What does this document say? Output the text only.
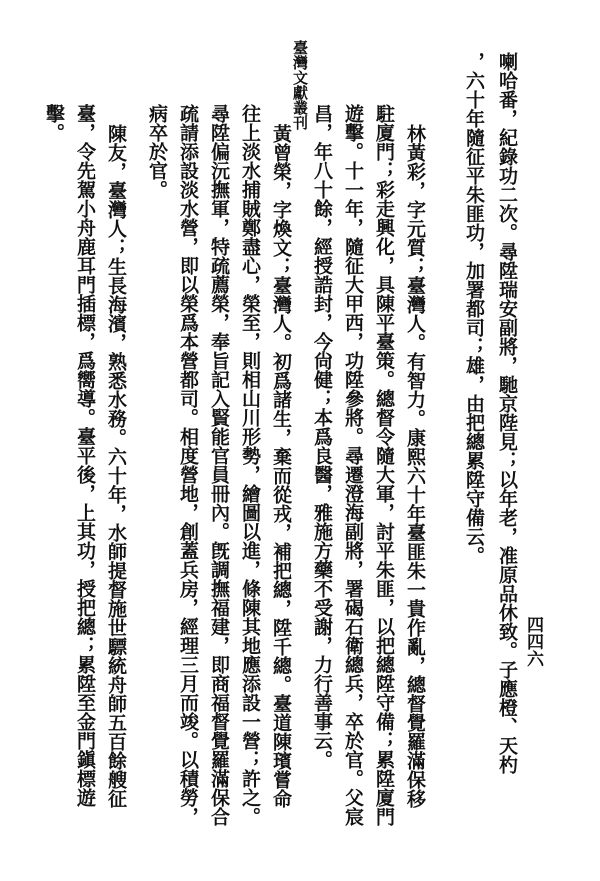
臺灣文獻叢刊
四四六
喇哈番，紀錄功二次。尋陞瑞安副將，馳京陛見；以年老，准原品休致。子應橙、天杓
，六十年隨征平朱匪功，加署都司；雄，由把總累陞守備云。
林黃彩，字元質；臺灣人。有智力。康熙六十年臺匪朱一貴作亂，總督覺羅滿保移
駐廈門；彩走興化，具陳平臺策。總督令隨大軍，討平朱匪，以把總陞守備；累陞廈門
遊擊。十一年，隨征大甲西，功陞參將。尋遷澄海副將，署碣石衛總兵，卒於官。父宸
昌，年八十餘，經授誥封，今尙健；本爲良醫，雅施方藥不受謝，力行善事云。
黃曾榮，字煥文；臺灣人。初爲諸生，棄而從戎，補把總，陞千總。臺道陳璸嘗命
往上淡水捕賊鄭盡心，榮至，則相山川形勢，繪圖以進，條陳其地應添設一營；許之。
尋陞偏沅撫軍，特疏薦榮，奉旨記入賢能官員冊內。旣調撫福建，即商福督覺羅滿保合
疏請添設淡水營，即以榮爲本營都司。相度營地，創蓋兵房，經理三月而竣。以積勞，
病卒於官。
陳友，臺灣人；生長海濱，熟悉水務。六十年，水師提督施世驃統舟師五百餘艘征
臺，令先駕小舟鹿耳門插標，爲嚮導。臺平後，上其功，授把總；累陞至金門鎭標遊
擊。
